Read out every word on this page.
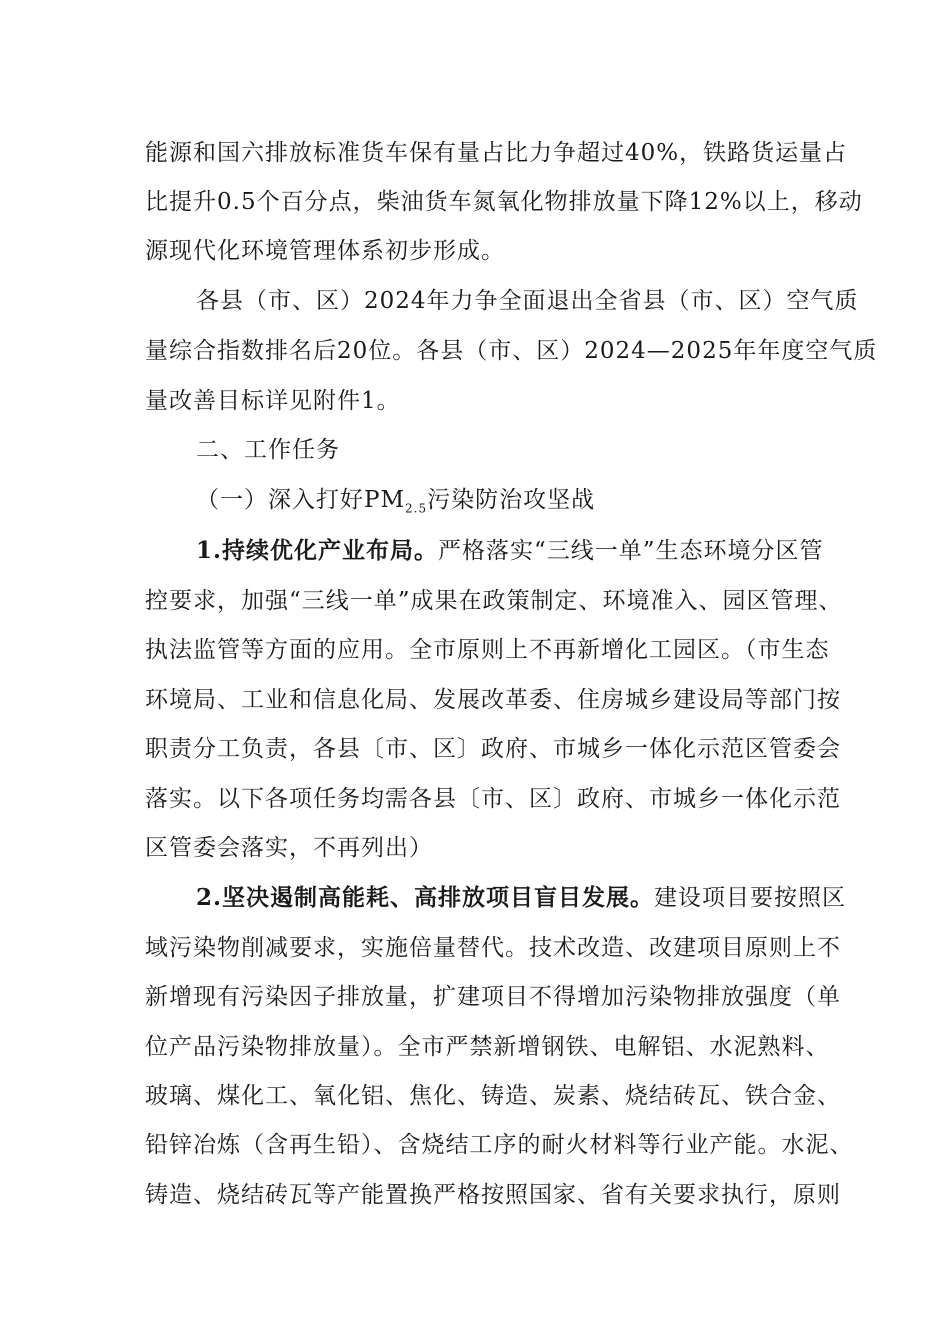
能源和国六排放标准货车保有量占比力争超过40%，铁路货运量占
比提升0.5个百分点，柴油货车氮氧化物排放量下降12%以上，移动
源现代化环境管理体系初步形成。
各县（市、区）2024年力争全面退出全省县（市、区）空气质
量综合指数排名后20位。各县（市、区）2024—2025年年度空气质
量改善目标详见附件1。
二、工作任务
（一）深入打好$PM_{2.5}$污染防治攻坚战
1.持续优化产业布局。严格落实“三线一单”生态环境分区管
控要求，加强“三线一单”成果在政策制定、环境准入、园区管理、
执法监管等方面的应用。全市原则上不再新增化工园区。（市生态
环境局、工业和信息化局、发展改革委、住房城乡建设局等部门按
职责分工负责，各县〔市、区〕政府、市城乡一体化示范区管委会
落实。以下各项任务均需各县〔市、区〕政府、市城乡一体化示范
区管委会落实，不再列出）
2.坚决遏制高能耗、高排放项目盲目发展。建设项目要按照区
域污染物削减要求，实施倍量替代。技术改造、改建项目原则上不
新增现有污染因子排放量，扩建项目不得增加污染物排放强度（单
位产品污染物排放量）。全市严禁新增钢铁、电解铝、水泥熟料、
玻璃、煤化工、氧化铝、焦化、铸造、炭素、烧结砖瓦、铁合金、
铅锌冶炼（含再生铅）、含烧结工序的耐火材料等行业产能。水泥、
铸造、烧结砖瓦等产能置换严格按照国家、省有关要求执行，原则
